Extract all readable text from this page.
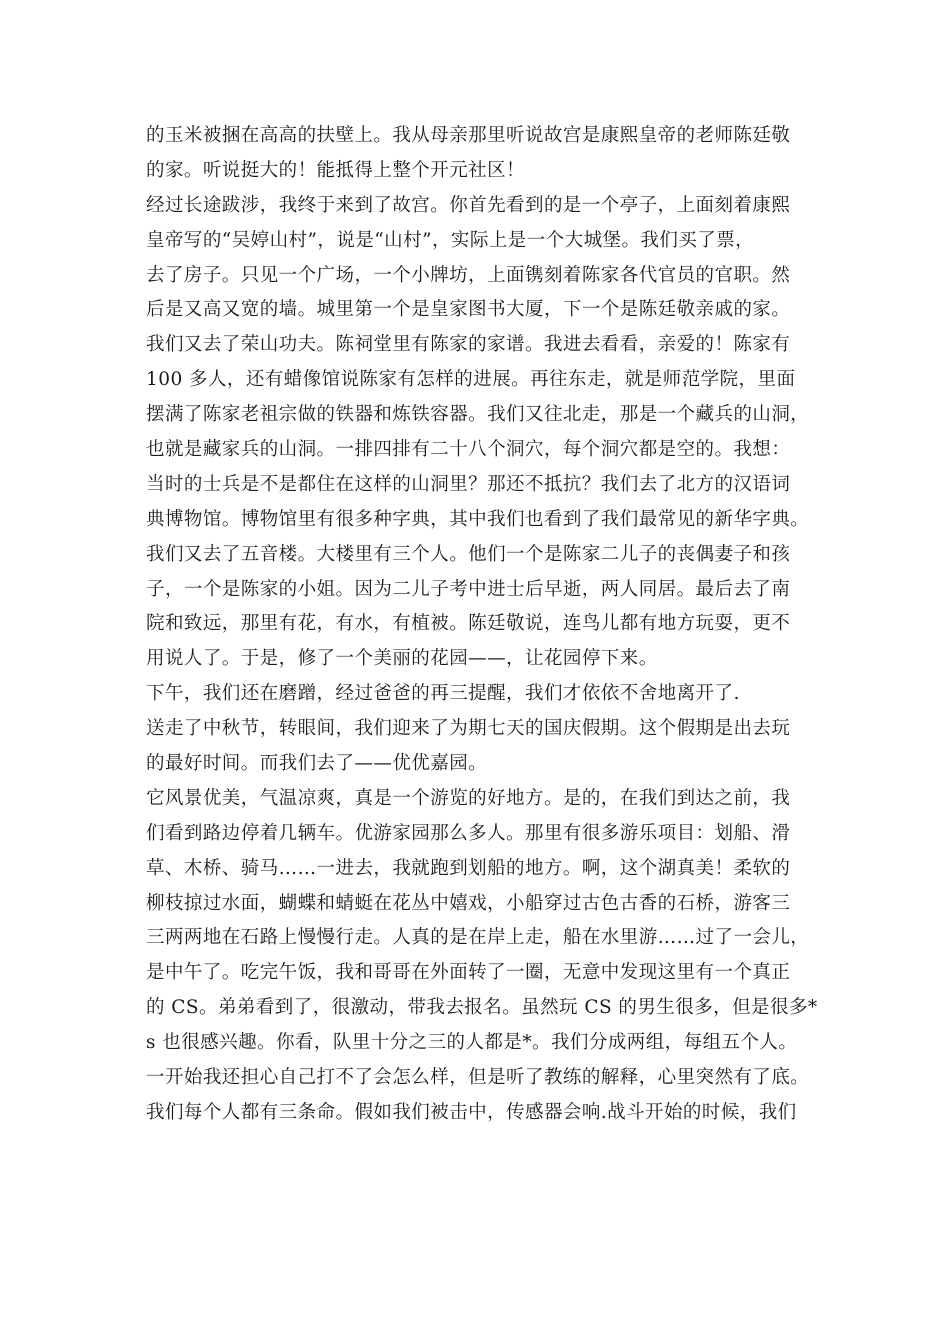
的玉米被捆在高高的扶壁上。我从母亲那里听说故宫是康熙皇帝的老师陈廷敬
的家。听说挺大的！能抵得上整个开元社区！
经过长途跋涉，我终于来到了故宫。你首先看到的是一个亭子，上面刻着康熙
皇帝写的“吴婷山村”，说是“山村”，实际上是一个大城堡。我们买了票，
去了房子。只见一个广场，一个小牌坊，上面镌刻着陈家各代官员的官职。然
后是又高又宽的墙。城里第一个是皇家图书大厦，下一个是陈廷敬亲戚的家。
我们又去了荣山功夫。陈祠堂里有陈家的家谱。我进去看看，亲爱的！陈家有
100 多人，还有蜡像馆说陈家有怎样的进展。再往东走，就是师范学院，里面
摆满了陈家老祖宗做的铁器和炼铁容器。我们又往北走，那是一个藏兵的山洞，
也就是藏家兵的山洞。一排四排有二十八个洞穴，每个洞穴都是空的。我想：
当时的士兵是不是都住在这样的山洞里？那还不抵抗？我们去了北方的汉语词
典博物馆。博物馆里有很多种字典，其中我们也看到了我们最常见的新华字典。
我们又去了五音楼。大楼里有三个人。他们一个是陈家二儿子的丧偶妻子和孩
子，一个是陈家的小姐。因为二儿子考中进士后早逝，两人同居。最后去了南
院和致远，那里有花，有水，有植被。陈廷敬说，连鸟儿都有地方玩耍，更不
用说人了。于是，修了一个美丽的花园——，让花园停下来。
下午，我们还在磨蹭，经过爸爸的再三提醒，我们才依依不舍地离开了.
送走了中秋节，转眼间，我们迎来了为期七天的国庆假期。这个假期是出去玩
的最好时间。而我们去了——优优嘉园。
它风景优美，气温凉爽，真是一个游览的好地方。是的，在我们到达之前，我
们看到路边停着几辆车。优游家园那么多人。那里有很多游乐项目：划船、滑
草、木桥、骑马……一进去，我就跑到划船的地方。啊，这个湖真美！柔软的
柳枝掠过水面，蝴蝶和蜻蜓在花丛中嬉戏，小船穿过古色古香的石桥，游客三
三两两地在石路上慢慢行走。人真的是在岸上走，船在水里游……过了一会儿，
是中午了。吃完午饭，我和哥哥在外面转了一圈，无意中发现这里有一个真正
的 CS。弟弟看到了，很激动，带我去报名。虽然玩 CS 的男生很多，但是很多*
s 也很感兴趣。你看，队里十分之三的人都是*。我们分成两组，每组五个人。
一开始我还担心自己打不了会怎么样，但是听了教练的解释，心里突然有了底。
我们每个人都有三条命。假如我们被击中，传感器会响.战斗开始的时候，我们
